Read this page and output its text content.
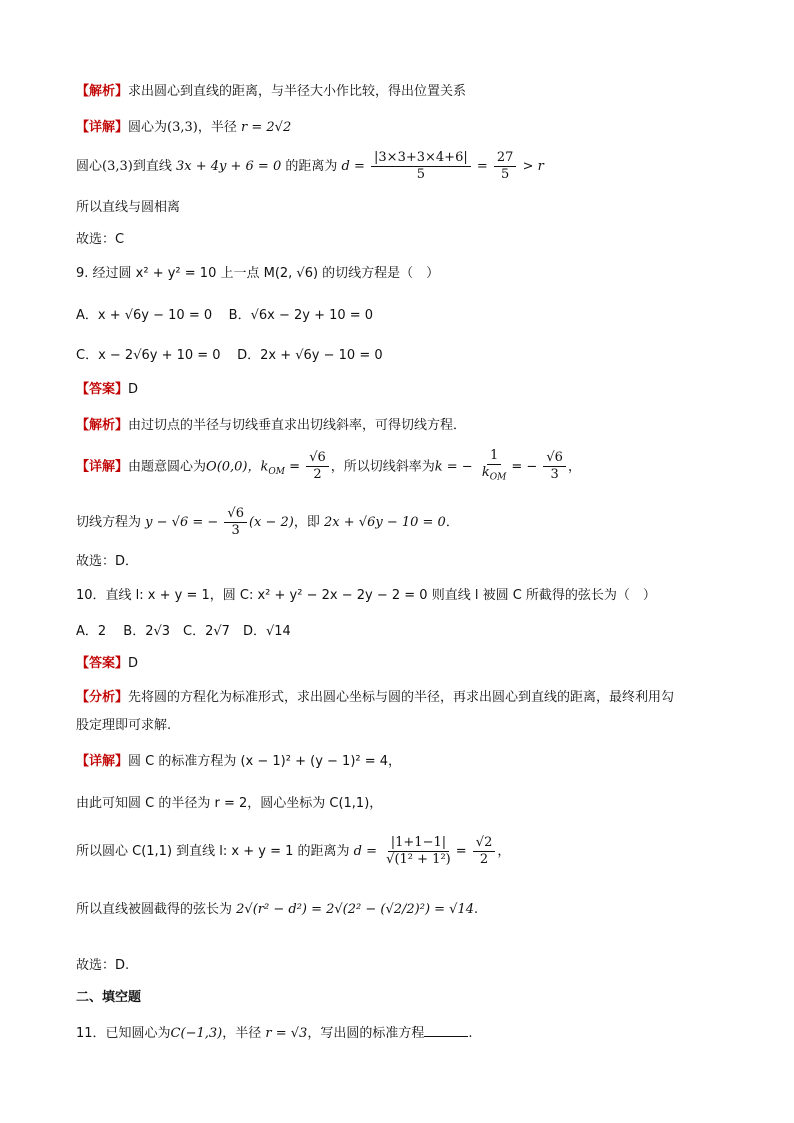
【解析】求出圆心到直线的距离，与半径大小作比较，得出位置关系
【详解】圆心为(3,3)，半径 r = 2√2
圆心(3,3)到直线 3x + 4y + 6 = 0 的距离为 $d = \frac{|3\times 3+3\times 4+6|}{5} = \frac{27}{5} > r$
所以直线与圆相离
故选：C
9. 经过圆 x² + y² = 10 上一点 M(2, √6) 的切线方程是（　）
A．x + √6y − 10 = 0 B．√6x − 2y + 10 = 0
C．x − 2√6y + 10 = 0 D．2x + √6y − 10 = 0
【答案】D
【解析】由过切点的半径与切线垂直求出切线斜率，可得切线方程．
【详解】由题意圆心为O(0,0)，$k_{OM} = \frac{√6}{2}$ ，所以切线斜率为k = − $\frac{1}{k_{OM}}$ = − $\frac{√6}{3}$ ，
切线方程为 y − √6 = − $\frac{√6}{3} (x - 2)$，即 2x + √6y − 10 = 0．
故选：D．
10．直线 l: x + y = 1，圆 C: x² + y² − 2x − 2y − 2 = 0 则直线 l 被圆 C 所截得的弦长为（　）
A．2　 B．2√3　C．2√7　D．√14
【答案】D
【分析】先将圆的方程化为标准形式，求出圆心坐标与圆的半径，再求出圆心到直线的距离，最终利用勾
股定理即可求解.
【详解】圆 C 的标准方程为 (x − 1)² + (y − 1)² = 4，
由此可知圆 C 的半径为 r = 2，圆心坐标为 C(1,1)，
所以圆心 C(1,1) 到直线 l: x + y = 1 的距离为 $d = \frac{|1+1-1|}{\text{√(1² + 1²)}} = \frac{√2}{2}$ ，
所以直线被圆截得的弦长为 2√(r² − d²) = 2√(2² − (√2/2)²) = √14.
故选：D.
二、填空题
11．已知圆心为C(−1,3)，半径 r = √3，写出圆的标准方程	.
